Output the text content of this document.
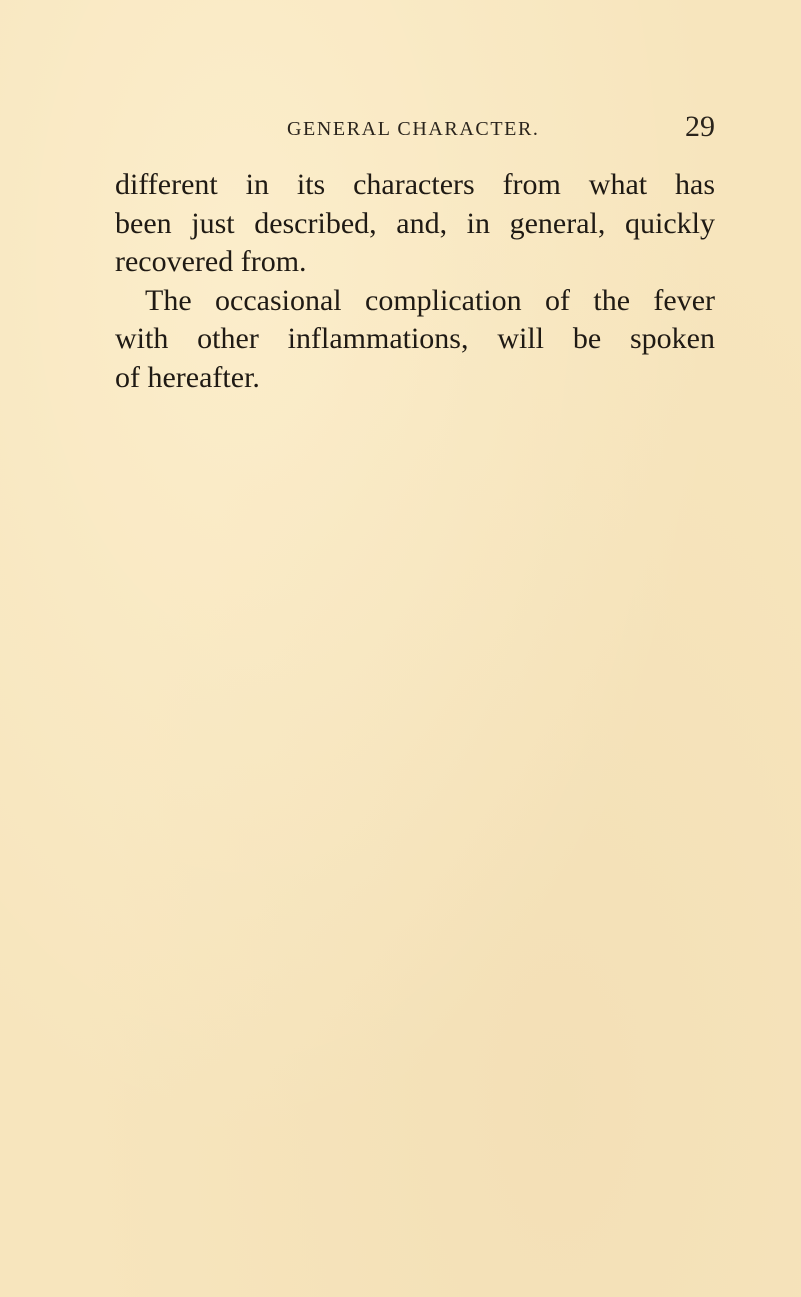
GENERAL CHARACTER.	29

different in its characters from what has
been just described, and, in general, quickly
recovered from.

The occasional complication of the fever
with other inflammations, will be spoken
of hereafter.
